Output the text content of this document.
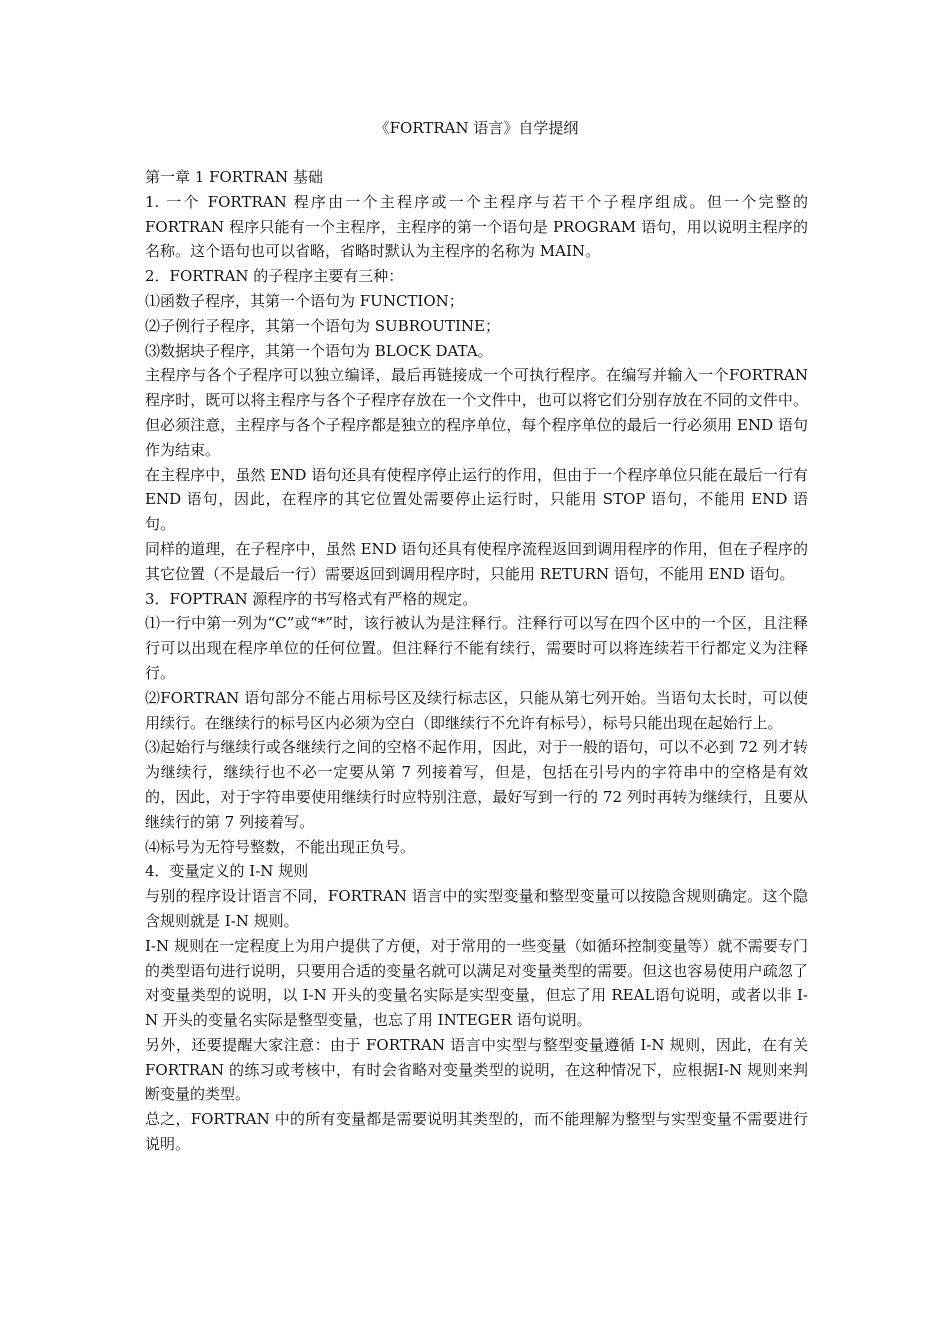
《FORTRAN 语言》自学提纲

第一章 1 FORTRAN 基础

1. 一个 FORTRAN 程序由一个主程序或一个主程序与若干个子程序组成。但一个完整的FORTRAN 程序只能有一个主程序，主程序的第一个语句是 PROGRAM 语句，用以说明主程序的名称。这个语句也可以省略，省略时默认为主程序的名称为 MAIN。

2．FORTRAN 的子程序主要有三种：

⑴函数子程序，其第一个语句为 FUNCTION；

⑵子例行子程序，其第一个语句为 SUBROUTINE；

⑶数据块子程序，其第一个语句为 BLOCK DATA。

主程序与各个子程序可以独立编译，最后再链接成一个可执行程序。在编写并输入一个FORTRAN 程序时，既可以将主程序与各个子程序存放在一个文件中，也可以将它们分别存放在不同的文件中。但必须注意，主程序与各个子程序都是独立的程序单位，每个程序单位的最后一行必须用 END 语句作为结束。

在主程序中，虽然 END 语句还具有使程序停止运行的作用，但由于一个程序单位只能在最后一行有 END 语句，因此，在程序的其它位置处需要停止运行时，只能用 STOP 语句，不能用 END 语句。

同样的道理，在子程序中，虽然 END 语句还具有使程序流程返回到调用程序的作用，但在子程序的其它位置（不是最后一行）需要返回到调用程序时，只能用 RETURN 语句，不能用 END 语句。

3．FOPTRAN 源程序的书写格式有严格的规定。

⑴一行中第一列为“C”或“*”时，该行被认为是注释行。注释行可以写在四个区中的一个区，且注释行可以出现在程序单位的任何位置。但注释行不能有续行，需要时可以将连续若干行都定义为注释行。

⑵FORTRAN 语句部分不能占用标号区及续行标志区，只能从第七列开始。当语句太长时，可以使用续行。在继续行的标号区内必须为空白（即继续行不允许有标号），标号只能出现在起始行上。

⑶起始行与继续行或各继续行之间的空格不起作用，因此，对于一般的语句，可以不必到 72 列才转为继续行，继续行也不必一定要从第 7 列接着写，但是，包括在引号内的字符串中的空格是有效的，因此，对于字符串要使用继续行时应特别注意，最好写到一行的 72 列时再转为继续行，且要从继续行的第 7 列接着写。

⑷标号为无符号整数，不能出现正负号。

4．变量定义的 I-N 规则

与别的程序设计语言不同，FORTRAN 语言中的实型变量和整型变量可以按隐含规则确定。这个隐含规则就是 I-N 规则。

I-N 规则在一定程度上为用户提供了方便，对于常用的一些变量（如循环控制变量等）就不需要专门的类型语句进行说明，只要用合适的变量名就可以满足对变量类型的需要。但这也容易使用户疏忽了对变量类型的说明，以 I-N 开头的变量名实际是实型变量，但忘了用 REAL语句说明，或者以非 I-N 开头的变量名实际是整型变量，也忘了用 INTEGER 语句说明。

另外，还要提醒大家注意：由于 FORTRAN 语言中实型与整型变量遵循 I-N 规则，因此，在有关 FORTRAN 的练习或考核中，有时会省略对变量类型的说明，在这种情况下，应根据I-N 规则来判断变量的类型。

总之，FORTRAN 中的所有变量都是需要说明其类型的，而不能理解为整型与实型变量不需要进行说明。
